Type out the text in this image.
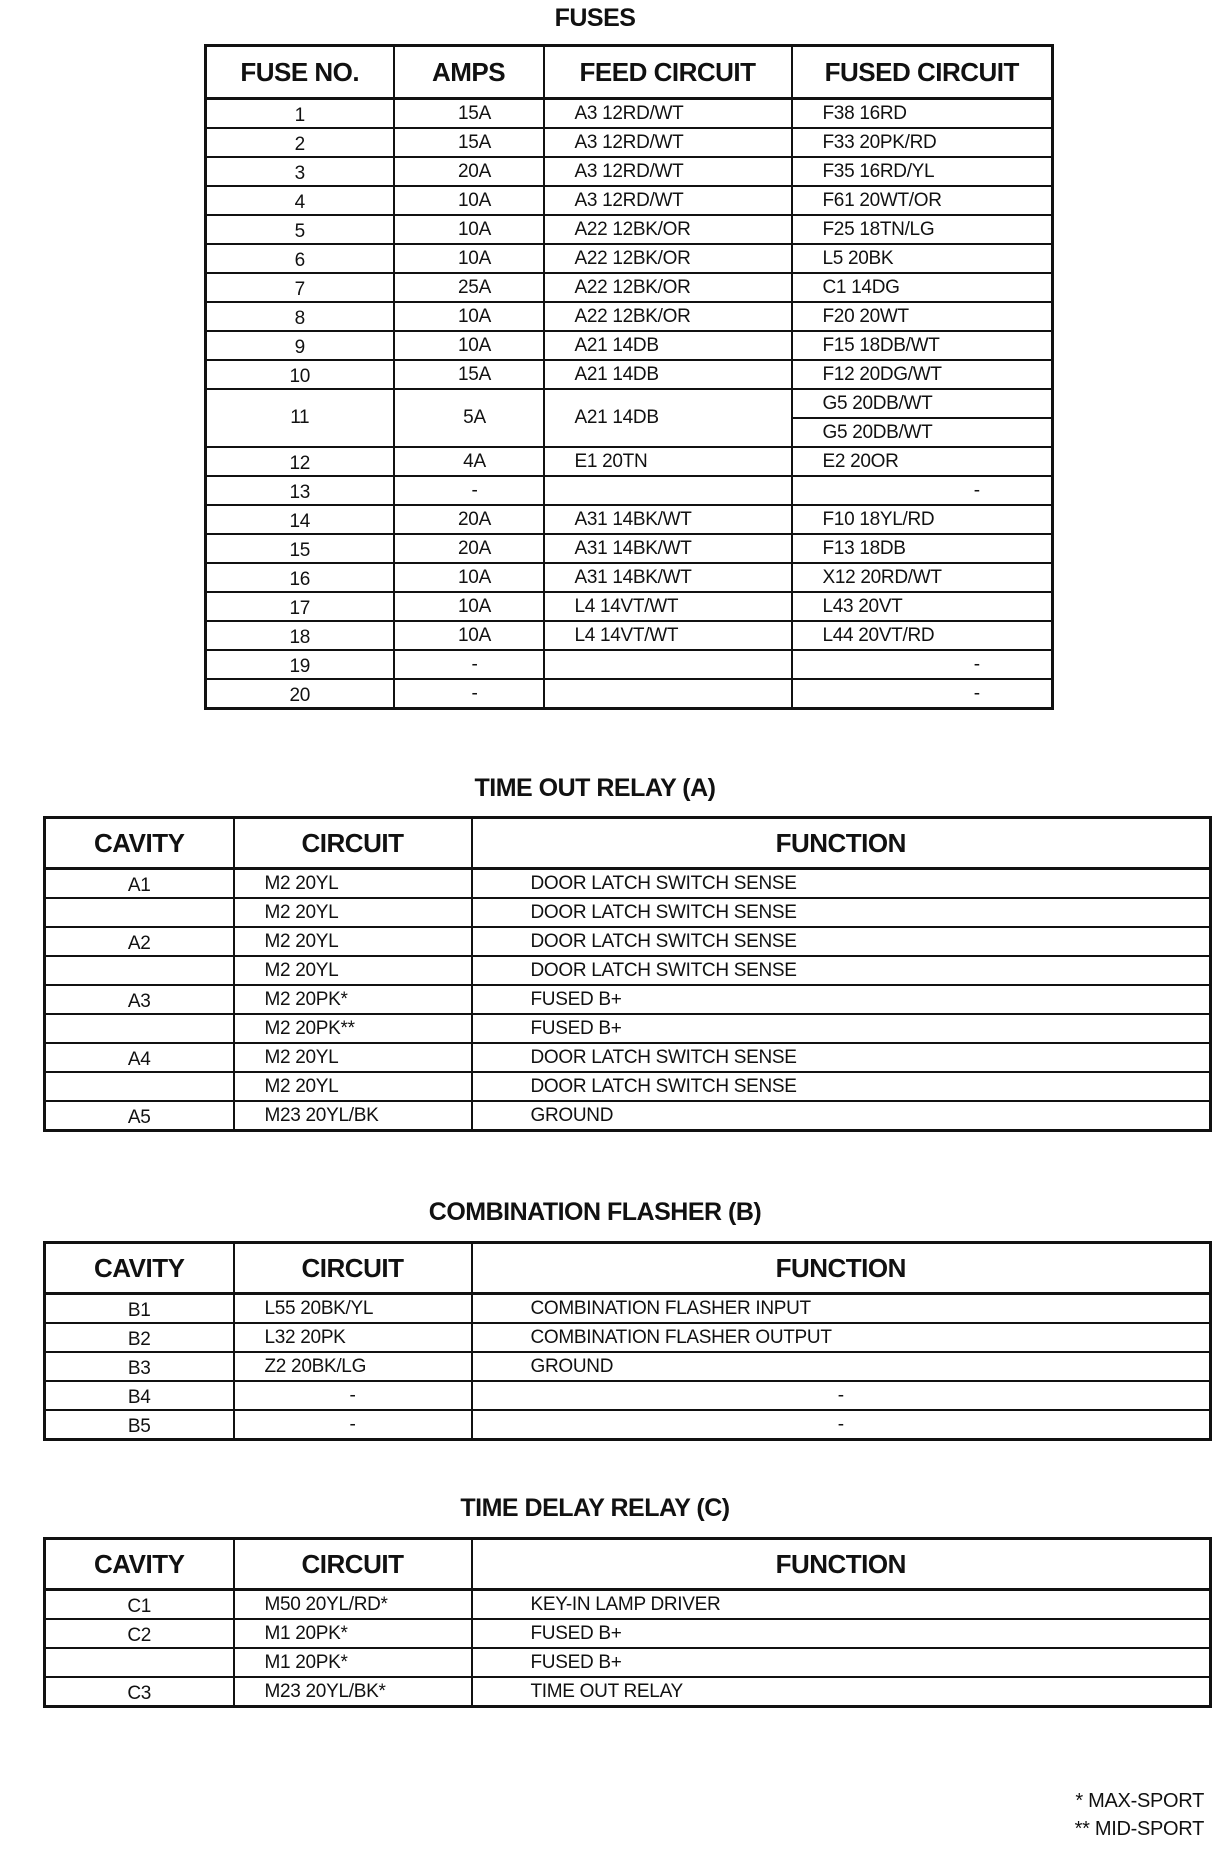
FUSES
FUSE NO.	AMPS	FEED CIRCUIT	FUSED CIRCUIT
1	15A	A3 12RD/WT	F38 16RD
2	15A	A3 12RD/WT	F33 20PK/RD
3	20A	A3 12RD/WT	F35 16RD/YL
4	10A	A3 12RD/WT	F61 20WT/OR
5	10A	A22 12BK/OR	F25 18TN/LG
6	10A	A22 12BK/OR	L5 20BK
7	25A	A22 12BK/OR	C1 14DG
8	10A	A22 12BK/OR	F20 20WT
9	10A	A21 14DB	F15 18DB/WT
10	15A	A21 14DB	F12 20DG/WT
11	5A	A21 14DB	G5 20DB/WT
			G5 20DB/WT
12	4A	E1 20TN	E2 20OR
13	-		-
14	20A	A31 14BK/WT	F10 18YL/RD
15	20A	A31 14BK/WT	F13 18DB
16	10A	A31 14BK/WT	X12 20RD/WT
17	10A	L4 14VT/WT	L43 20VT
18	10A	L4 14VT/WT	L44 20VT/RD
19	-		-
20	-		-
TIME OUT RELAY (A)
CAVITY	CIRCUIT	FUNCTION
A1	M2 20YL	DOOR LATCH SWITCH SENSE
	M2 20YL	DOOR LATCH SWITCH SENSE
A2	M2 20YL	DOOR LATCH SWITCH SENSE
	M2 20YL	DOOR LATCH SWITCH SENSE
A3	M2 20PK*	FUSED B+
	M2 20PK**	FUSED B+
A4	M2 20YL	DOOR LATCH SWITCH SENSE
	M2 20YL	DOOR LATCH SWITCH SENSE
A5	M23 20YL/BK	GROUND
COMBINATION FLASHER (B)
CAVITY	CIRCUIT	FUNCTION
B1	L55 20BK/YL	COMBINATION FLASHER INPUT
B2	L32 20PK	COMBINATION FLASHER OUTPUT
B3	Z2 20BK/LG	GROUND
B4	-	-
B5	-	-
TIME DELAY RELAY (C)
CAVITY	CIRCUIT	FUNCTION
C1	M50 20YL/RD*	KEY-IN LAMP DRIVER
C2	M1 20PK*	FUSED B+
	M1 20PK*	FUSED B+
C3	M23 20YL/BK*	TIME OUT RELAY
* MAX-SPORT
** MID-SPORT
